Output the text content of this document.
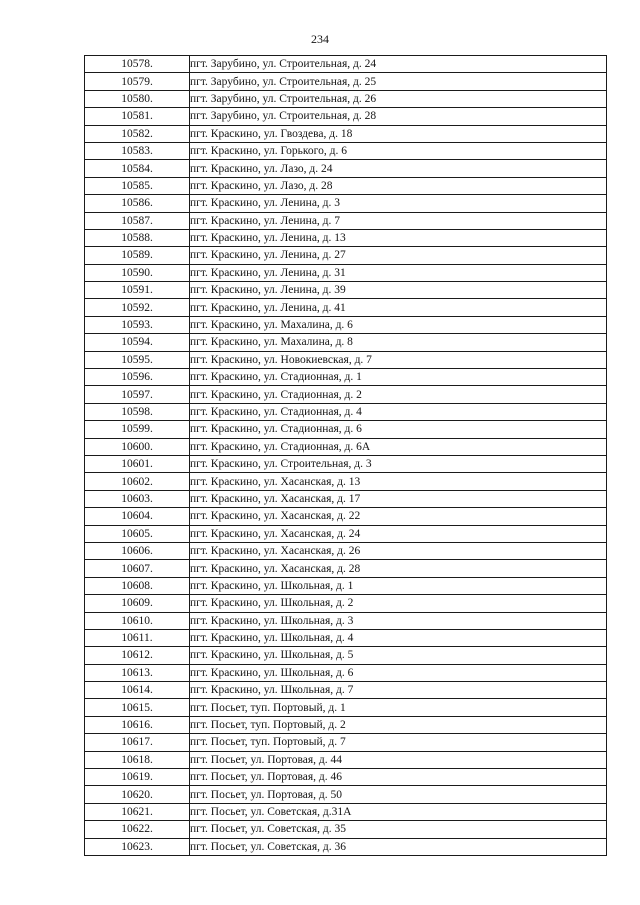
234
10578.	пгт. Зарубино, ул. Строительная, д. 24
10579.	пгт. Зарубино, ул. Строительная, д. 25
10580.	пгт. Зарубино, ул. Строительная, д. 26
10581.	пгт. Зарубино, ул. Строительная, д. 28
10582.	пгт. Краскино, ул. Гвоздева, д. 18
10583.	пгт. Краскино, ул. Горького, д. 6
10584.	пгт. Краскино, ул. Лазо, д. 24
10585.	пгт. Краскино, ул. Лазо, д. 28
10586.	пгт. Краскино, ул. Ленина, д. 3
10587.	пгт. Краскино, ул. Ленина, д. 7
10588.	пгт. Краскино, ул. Ленина, д. 13
10589.	пгт. Краскино, ул. Ленина, д. 27
10590.	пгт. Краскино, ул. Ленина, д. 31
10591.	пгт. Краскино, ул. Ленина, д. 39
10592.	пгт. Краскино, ул. Ленина, д. 41
10593.	пгт. Краскино, ул. Махалина, д. 6
10594.	пгт. Краскино, ул. Махалина, д. 8
10595.	пгт. Краскино, ул. Новокиевская, д. 7
10596.	пгт. Краскино, ул. Стадионная, д. 1
10597.	пгт. Краскино, ул. Стадионная, д. 2
10598.	пгт. Краскино, ул. Стадионная, д. 4
10599.	пгт. Краскино, ул. Стадионная, д. 6
10600.	пгт. Краскино, ул. Стадионная, д. 6А
10601.	пгт. Краскино, ул. Строительная, д. 3
10602.	пгт. Краскино, ул. Хасанская, д. 13
10603.	пгт. Краскино, ул. Хасанская, д. 17
10604.	пгт. Краскино, ул. Хасанская, д. 22
10605.	пгт. Краскино, ул. Хасанская, д. 24
10606.	пгт. Краскино, ул. Хасанская, д. 26
10607.	пгт. Краскино, ул. Хасанская, д. 28
10608.	пгт. Краскино, ул. Школьная, д. 1
10609.	пгт. Краскино, ул. Школьная, д. 2
10610.	пгт. Краскино, ул. Школьная, д. 3
10611.	пгт. Краскино, ул. Школьная, д. 4
10612.	пгт. Краскино, ул. Школьная, д. 5
10613.	пгт. Краскино, ул. Школьная, д. 6
10614.	пгт. Краскино, ул. Школьная, д. 7
10615.	пгт. Посьет, туп. Портовый, д. 1
10616.	пгт. Посьет, туп. Портовый, д. 2
10617.	пгт. Посьет, туп. Портовый, д. 7
10618.	пгт. Посьет, ул. Портовая, д. 44
10619.	пгт. Посьет, ул. Портовая, д. 46
10620.	пгт. Посьет, ул. Портовая, д. 50
10621.	пгт. Посьет, ул. Советская, д.31А
10622.	пгт. Посьет, ул. Советская, д. 35
10623.	пгт. Посьет, ул. Советская, д. 36
